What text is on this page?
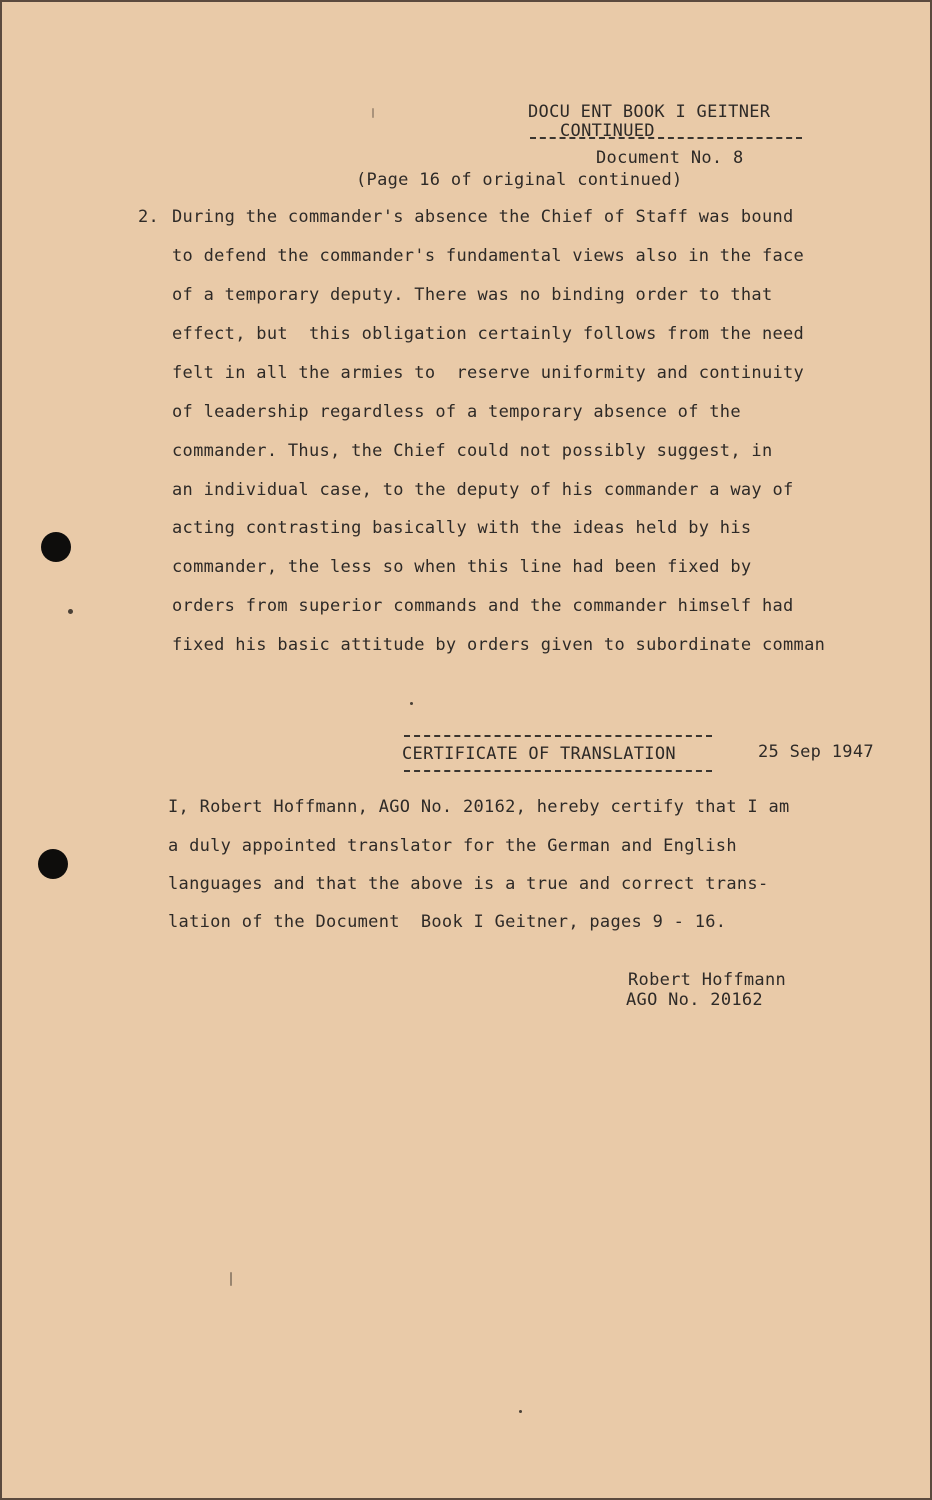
DOCU ENT BOOK I GEITNER
CONTINUED
Document No. 8
(Page 16 of original continued)
2. During the commander's absence the Chief of Staff was bound
to defend the commander's fundamental views also in the face
of a temporary deputy. There was no binding order to that
effect, but  this obligation certainly follows from the need
felt in all the armies to  reserve uniformity and continuity
of leadership regardless of a temporary absence of the
commander. Thus, the Chief could not possibly suggest, in
an individual case, to the deputy of his commander a way of
acting contrasting basically with the ideas held by his
commander, the less so when this line had been fixed by
orders from superior commands and the commander himself had
fixed his basic attitude by orders given to subordinate comman
CERTIFICATE OF TRANSLATION	25 Sep 1947
I, Robert Hoffmann, AGO No. 20162, hereby certify that I am
a duly appointed translator for the German and English
languages and that the above is a true and correct trans-
lation of the Document  Book I Geitner, pages 9 - 16.
Robert Hoffmann
AGO No. 20162
